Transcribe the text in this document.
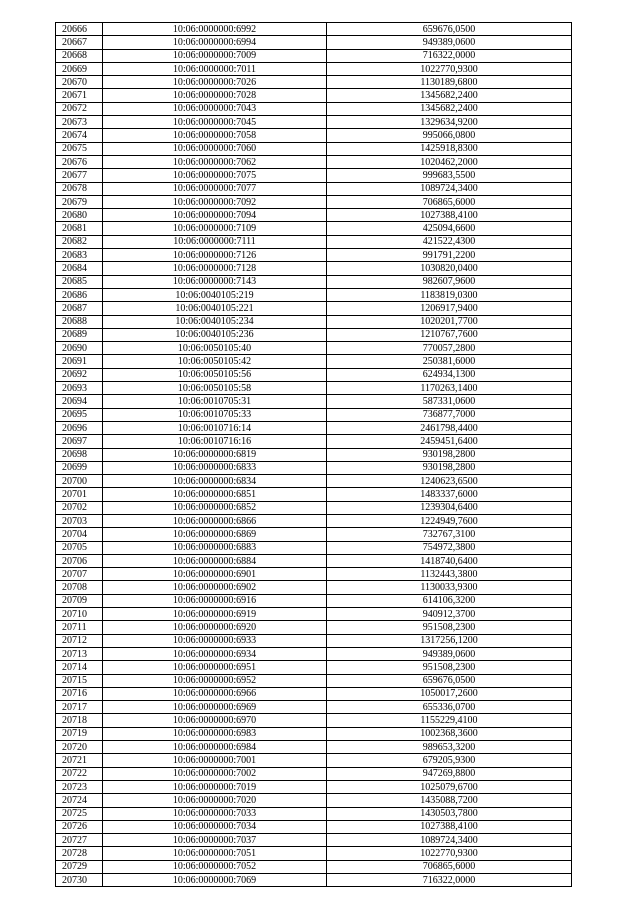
20666	10:06:0000000:6992	659676,0500
20667	10:06:0000000:6994	949389,0600
20668	10:06:0000000:7009	716322,0000
20669	10:06:0000000:7011	1022770,9300
20670	10:06:0000000:7026	1130189,6800
20671	10:06:0000000:7028	1345682,2400
20672	10:06:0000000:7043	1345682,2400
20673	10:06:0000000:7045	1329634,9200
20674	10:06:0000000:7058	995066,0800
20675	10:06:0000000:7060	1425918,8300
20676	10:06:0000000:7062	1020462,2000
20677	10:06:0000000:7075	999683,5500
20678	10:06:0000000:7077	1089724,3400
20679	10:06:0000000:7092	706865,6000
20680	10:06:0000000:7094	1027388,4100
20681	10:06:0000000:7109	425094,6600
20682	10:06:0000000:7111	421522,4300
20683	10:06:0000000:7126	991791,2200
20684	10:06:0000000:7128	1030820,0400
20685	10:06:0000000:7143	982607,9600
20686	10:06:0040105:219	1183819,0300
20687	10:06:0040105:221	1206917,9400
20688	10:06:0040105:234	1020201,7700
20689	10:06:0040105:236	1210767,7600
20690	10:06:0050105:40	770057,2800
20691	10:06:0050105:42	250381,6000
20692	10:06:0050105:56	624934,1300
20693	10:06:0050105:58	1170263,1400
20694	10:06:0010705:31	587331,0600
20695	10:06:0010705:33	736877,7000
20696	10:06:0010716:14	2461798,4400
20697	10:06:0010716:16	2459451,6400
20698	10:06:0000000:6819	930198,2800
20699	10:06:0000000:6833	930198,2800
20700	10:06:0000000:6834	1240623,6500
20701	10:06:0000000:6851	1483337,6000
20702	10:06:0000000:6852	1239304,6400
20703	10:06:0000000:6866	1224949,7600
20704	10:06:0000000:6869	732767,3100
20705	10:06:0000000:6883	754972,3800
20706	10:06:0000000:6884	1418740,6400
20707	10:06:0000000:6901	1132443,3800
20708	10:06:0000000:6902	1130033,9300
20709	10:06:0000000:6916	614106,3200
20710	10:06:0000000:6919	940912,3700
20711	10:06:0000000:6920	951508,2300
20712	10:06:0000000:6933	1317256,1200
20713	10:06:0000000:6934	949389,0600
20714	10:06:0000000:6951	951508,2300
20715	10:06:0000000:6952	659676,0500
20716	10:06:0000000:6966	1050017,2600
20717	10:06:0000000:6969	655336,0700
20718	10:06:0000000:6970	1155229,4100
20719	10:06:0000000:6983	1002368,3600
20720	10:06:0000000:6984	989653,3200
20721	10:06:0000000:7001	679205,9300
20722	10:06:0000000:7002	947269,8800
20723	10:06:0000000:7019	1025079,6700
20724	10:06:0000000:7020	1435088,7200
20725	10:06:0000000:7033	1430503,7800
20726	10:06:0000000:7034	1027388,4100
20727	10:06:0000000:7037	1089724,3400
20728	10:06:0000000:7051	1022770,9300
20729	10:06:0000000:7052	706865,6000
20730	10:06:0000000:7069	716322,0000
